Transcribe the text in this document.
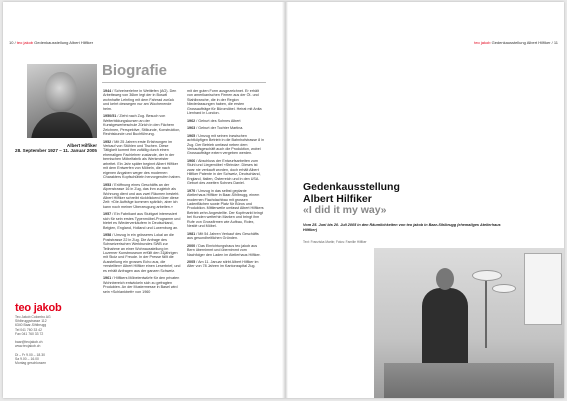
10 / teo jakob Gedenkausstellung Albert Hilfiker
Albert Hilfiker
28. September 1927 – 11. Januar 2005
Biografie

1944 / Schreinerlehre in Wettlefen (AG). Den Arbeitsweg von 36km legt der in Boswil wohnhafte Lehrling mit dem Fahrrad zurück und kehrt deswegen nur am Wochenende heim.

1950/51 / Zieht nach Zug. Besuch von Weiterbildungskursen an der Kunstgewerbeschule Zürich in den Fächern Zeichnen, Perspektive, Stilkunde, Konstruktion, Rechtskunde und Buchführung.

1952 / Mit 25 Jahren erste Erfahrungen im Verkauf von Stühlen und Tischen. Diese Tätigkeit kommt ihm zufällig durch einen ehemaligen Fachlehrer zustande, der in der bernischen Möbelfabrik als Werkmeister arbeitet. Ein Jahr später beginnt Albert Hilfiker mit dem Entwerfen von Möbeln, die nach eigenen Angaben weger des modernen Charakters Kopfschütteln hervorgerufen haben.

1953 / Eröffnung eines Geschäfts an der Alpenstrasse 16 in Zug, das ihm zugleich als Wohnung dient und aus zwei Räumen besteht. Albert Hilfiker schreibt rückblickend über diese Zeit: «Die Aufträge kommen spärlich, aber ich kann noch meiner Überzeugung arbeiten.»

1957 / Ein Fabrikant aus Stuttgart interessiert sich für sein erstes Typenmöbel-Programm und bietet es Wiederverkäufern in Deutschland, Belgien, England, Holland und Luxemburg an.

1958 / Umzug in ein grösseres Lokal an die Poststrasse 22 in Zug. Die Anfrage des Schweizerischen Werkbundes SWB zur Teilnahme an einer Wohnausstellung im Luzerner Kunstmuseum erfüllt den 31jährigen mit Stolz und Freude. In der Presse fällt die Ausstellung ein grosses Echo aus, die «erstellten» Albert Hilfiker einen Leserbrief, und es erhält Anfragen aus der ganzen Schweiz.

1961 / Hilfikers Möbelentwürfe für den privaten Wohnbereich entwickeln sich zu gefragten Produkten. An der Mustermesse in Basel wird sein «Schlankbett» von 1960

mit der guten Form ausgezeichnet. Er erhält von amerikanischen Firmen aus der Öl- und Stahlbranche, die in der Region Niederlassungen haben, die ersten Grossaufträge für Büromöbel. Heirat mit Anita Lienhard in London.

1962 / Geburt des Sohnes Albert

1963 / Geburt der Tochter Martina.

1965 / Umzug mit seinen inzwischen achtköpfigen Betrieb in die Bahnhofstrasse 8 in Zug. Der Betrieb umfasst neben dem Verkaufsgeschäft auch die Produktion, wobei Grossaufträge extern vergeben werden.

1966 / Abschluss der Entwurfsarbeiten zum Stuhl und Liegemöbel «Strinda». Dieses ist zwar nie verkauft worden, doch erhält Albert Hilfiker Patente in der Schweiz, Deutschland, England, Italien, Österreich und in den USA. Geburt des zweiten Sohnes Daniel.

1970 / Umzug in das selbst geplante Atelierhaus Hilfiker in Baar-Sihlbrugg, einem modernen Flachdachbau mit grossen Ladenflächen sowie Platz für Büros und Produktion. Mittlerweile umfasst Albert Hilfikers Betrieb zehn Angestellte. Der Kopfmarkt bringt bei Kunden weiterhin Marken und bringt ihm Rufe von Grossfirmen wie Aufbau, Rolex, Nestlé und Möbel.

1981 / Mit 54 Jahren Verkauf des Geschäfts aus gesundheitlichen Gründen.

2000 / Das Einrichtungshaus teo jakob aus Bern übernimmt und übernimmt vom Nachfolger den Laden im Atelierhaus Hilfiker.

2005 / Am 11. Januar stirbt Albert Hilfiker im Alter von 78 Jahren im Kantonsspital Zug.

teo jakob
Teo Jakob Colombo AG
Sihlbruggstrasse 112
6340 Baar-Sihlbrugg
Tel 041 760 33 42
Fax 041 760 33 72

baar@teojakob.ch
www.teojakob.ch

Di – Fr 9.00 – 18.30
Sa 9.00 – 16.00
Montag geschlossen
teo jakob Gedenkausstellung Albert Hilfiker / 11
Gedenkausstellung
Albert Hilfiker
«I did it my way»
Vom 25. Juni bis 20. Juli 2005 in den Räumlichkeiten von teo jakob in Baar-Sihlbrugg (ehemaliges Atelierhaus Hilfiker)
Text: Franziska Martin; Fotos: Familie Hilfiker
